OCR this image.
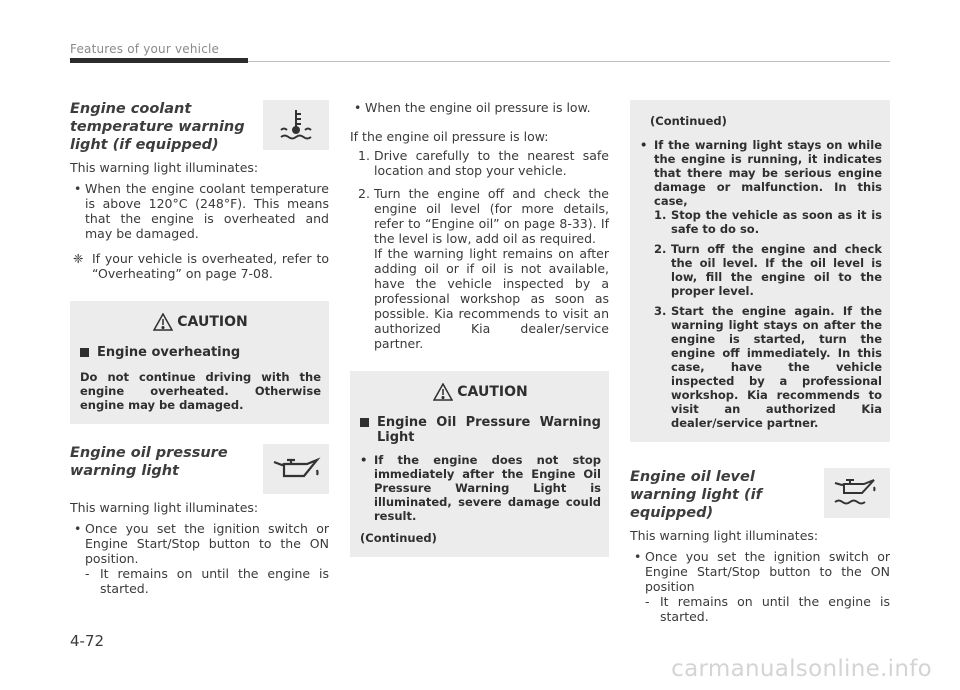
Features of your vehicle
Engine coolant temperature warning light (if equipped)
This warning light illuminates:
• When the engine coolant temperature is above 120°C (248°F). This means that the engine is overheated and may be damaged.
❈ If your vehicle is overheated, refer to “Overheating” on page 7-08.
CAUTION
Engine overheating
Do not continue driving with the engine overheated. Otherwise engine may be damaged.
Engine oil pressure warning light
This warning light illuminates:
• Once you set the ignition switch or Engine Start/Stop button to the ON position.
- It remains on until the engine is started.
• When the engine oil pressure is low.
If the engine oil pressure is low:
1. Drive carefully to the nearest safe location and stop your vehicle.
2. Turn the engine off and check the engine oil level (for more details, refer to “Engine oil” on page 8-33). If the level is low, add oil as required.
If the warning light remains on after adding oil or if oil is not available, have the vehicle inspected by a professional workshop as soon as possible. Kia recommends to visit an authorized Kia dealer/service partner.
CAUTION
Engine Oil Pressure Warning Light
• If the engine does not stop immediately after the Engine Oil Pressure Warning Light is illuminated, severe damage could result.
(Continued)
(Continued)
• If the warning light stays on while the engine is running, it indicates that there may be serious engine damage or malfunction. In this case,
1. Stop the vehicle as soon as it is safe to do so.
2. Turn off the engine and check the oil level. If the oil level is low, fill the engine oil to the proper level.
3. Start the engine again. If the warning light stays on after the engine is started, turn the engine off immediately. In this case, have the vehicle inspected by a professional workshop. Kia recommends to visit an authorized Kia dealer/service partner.
Engine oil level warning light (if equipped)
This warning light illuminates:
• Once you set the ignition switch or Engine Start/Stop button to the ON position
- It remains on until the engine is started.
4-72
carmanualsonline.info
